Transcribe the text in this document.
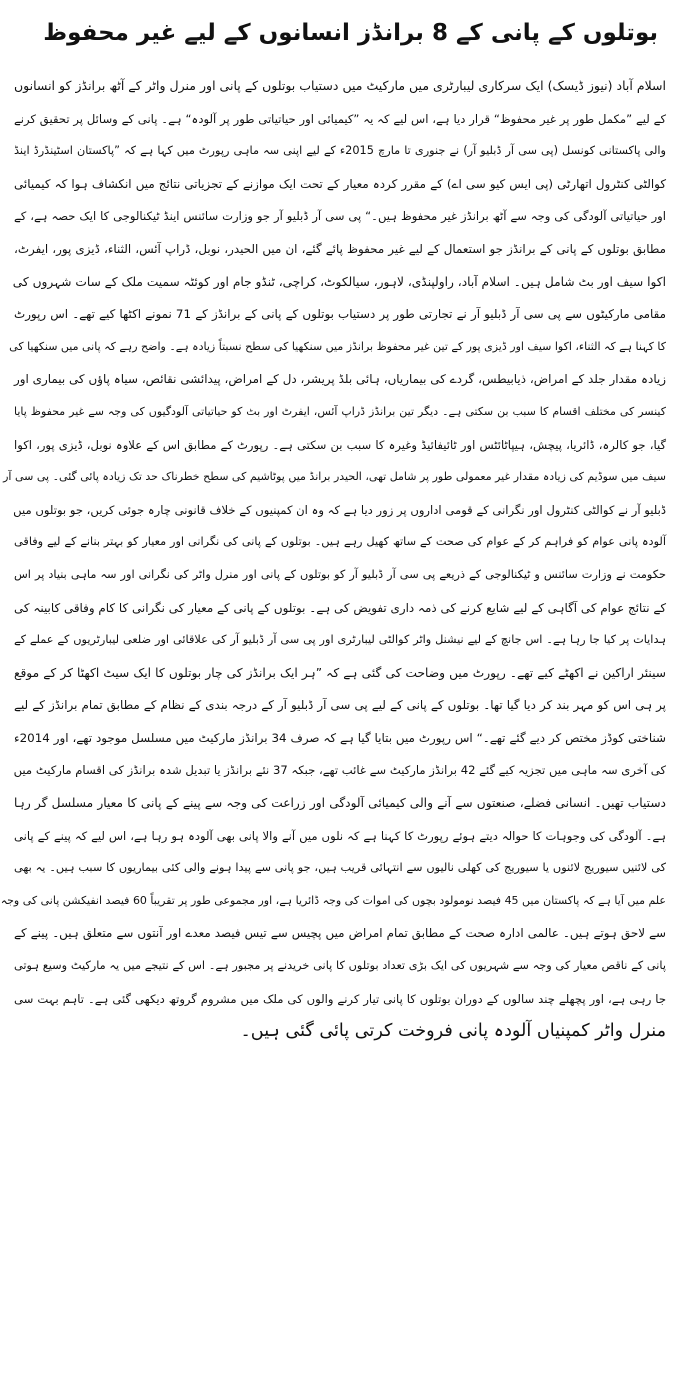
بوتلوں کے پانی کے 8 برانڈز انسانوں کے لیے غیر محفوظ
اسلام آباد (نیوز ڈیسک) ایک سرکاری لیبارٹری میں مارکیٹ میں دستیاب بوتلوں کے پانی اور منرل واٹر کے آٹھ برانڈز کو انسانوں
کے لیے ”مکمل طور پر غیر محفوظ“ قرار دیا ہے، اس لیے کہ یہ ”کیمیائی اور حیاتیاتی طور پر آلودہ“ ہے۔ پانی کے وسائل پر تحقیق کرنے
والی پاکستانی کونسل (پی سی آر ڈبلیو آر) نے جنوری تا مارچ 2015ء کے لیے اپنی سہ ماہی رپورٹ میں کہا ہے کہ ”پاکستان اسٹینڈرڈ اینڈ
کوالٹی کنٹرول اتھارٹی (پی ایس کیو سی اے) کے مقرر کردہ معیار کے تحت ایک موازنے کے تجزیاتی نتائج میں انکشاف ہوا کہ کیمیائی
اور حیاتیاتی آلودگی کی وجہ سے آٹھ برانڈز غیر محفوظ ہیں۔“ پی سی آر ڈبلیو آر جو وزارت سائنس اینڈ ٹیکنالوجی کا ایک حصہ ہے، کے
مطابق بوتلوں کے پانی کے برانڈز جو استعمال کے لیے غیر محفوظ پائے گئے، ان میں الحیدر، نوبل، ڈراپ آئس، الثناء، ڈیزی پور، ایفرٹ،
اکوا سیف اور بٹ شامل ہیں۔ اسلام آباد، راولپنڈی، لاہور، سیالکوٹ، کراچی، ٹنڈو جام اور کوئٹہ سمیت ملک کے سات شہروں کی
مقامی مارکیٹوں سے پی سی آر ڈبلیو آر نے تجارتی طور پر دستیاب بوتلوں کے پانی کے برانڈز کے 71 نمونے اکٹھا کیے تھے۔ اس رپورٹ
کا کہنا ہے کہ الثناء، اکوا سیف اور ڈیزی پور کے تین غیر محفوظ برانڈز میں سنکھیا کی سطح نسبتاً زیادہ ہے۔ واضح رہے کہ پانی میں سنکھیا کی
زیادہ مقدار جلد کے امراض، ذیابیطس، گردے کی بیماریاں، ہائی بلڈ پریشر، دل کے امراض، پیدائشی نقائص، سیاہ پاؤں کی بیماری اور
کینسر کی مختلف اقسام کا سبب بن سکتی ہے۔ دیگر تین برانڈز ڈراپ آئس، ایفرٹ اور بٹ کو حیاتیاتی آلودگیوں کی وجہ سے غیر محفوظ پایا
گیا، جو کالرہ، ڈائریا، پیچش، ہیپاٹائٹس اور ٹائیفائیڈ وغیرہ کا سبب بن سکتی ہے۔ رپورٹ کے مطابق اس کے علاوہ نوبل، ڈیزی پور، اکوا
سیف میں سوڈیم کی زیادہ مقدار غیر معمولی طور پر شامل تھی، الحیدر برانڈ میں پوٹاشیم کی سطح خطرناک حد تک زیادہ پائی گئی۔ پی سی آر
ڈبلیو آر نے کوالٹی کنٹرول اور نگرانی کے قومی اداروں پر زور دیا ہے کہ وہ ان کمپنیوں کے خلاف قانونی چارہ جوئی کریں، جو بوتلوں میں
آلودہ پانی عوام کو فراہم کر کے عوام کی صحت کے ساتھ کھیل رہے ہیں۔ بوتلوں کے پانی کی نگرانی اور معیار کو بہتر بنانے کے لیے وفاقی
حکومت نے وزارت سائنس و ٹیکنالوجی کے ذریعے پی سی آر ڈبلیو آر کو بوتلوں کے پانی اور منرل واٹر کی نگرانی اور سہ ماہی بنیاد پر اس
کے نتائج عوام کی آگاہی کے لیے شایع کرنے کی ذمہ داری تفویض کی ہے۔ بوتلوں کے پانی کے معیار کی نگرانی کا کام وفاقی کابینہ کی
ہدایات پر کیا جا رہا ہے۔ اس جانچ کے لیے نیشنل واٹر کوالٹی لیبارٹری اور پی سی آر ڈبلیو آر کی علاقائی اور ضلعی لیبارٹریوں کے عملے کے
سینئر اراکین نے اکھٹے کیے تھے۔ رپورٹ میں وضاحت کی گئی ہے کہ ”ہر ایک برانڈز کی چار بوتلوں کا ایک سیٹ اکھٹا کر کے موقع
پر ہی اس کو مہر بند کر دیا گیا تھا۔ بوتلوں کے پانی کے لیے پی سی آر ڈبلیو آر کے درجہ بندی کے نظام کے مطابق تمام برانڈز کے لیے
شناختی کوڈز مختص کر دیے گئے تھے۔“ اس رپورٹ میں بتایا گیا ہے کہ صرف 34 برانڈز مارکیٹ میں مسلسل موجود تھے، اور 2014ء
کی آخری سہ ماہی میں تجزیہ کیے گئے 42 برانڈز مارکیٹ سے غائب تھے، جبکہ 37 نئے برانڈز یا تبدیل شدہ برانڈز کی اقسام مارکیٹ میں
دستیاب تھیں۔ انسانی فضلے، صنعتوں سے آنے والی کیمیائی آلودگی اور زراعت کی وجہ سے پینے کے پانی کا معیار مسلسل گر رہا
ہے۔ آلودگی کی وجوہات کا حوالہ دیتے ہوئے رپورٹ کا کہنا ہے کہ نلوں میں آنے والا پانی بھی آلودہ ہو رہا ہے، اس لیے کہ پینے کے پانی
کی لائنیں سیوریج لائنوں یا سیوریج کی کھلی نالیوں سے انتہائی قریب ہیں، جو پانی سے پیدا ہونے والی کئی بیماریوں کا سبب ہیں۔ یہ بھی
علم میں آیا ہے کہ پاکستان میں 45 فیصد نومولود بچوں کی اموات کی وجہ ڈائریا ہے، اور مجموعی طور پر تقریباً 60 فیصد انفیکشن پانی کی وجہ
سے لاحق ہوتے ہیں۔ عالمی ادارہ صحت کے مطابق تمام امراض میں پچیس سے تیس فیصد معدے اور آنتوں سے متعلق ہیں۔ پینے کے
پانی کے ناقص معیار کی وجہ سے شہریوں کی ایک بڑی تعداد بوتلوں کا پانی خریدنے پر مجبور ہے۔ اس کے نتیجے میں یہ مارکیٹ وسیع ہوتی
جا رہی ہے، اور پچھلے چند سالوں کے دوران بوتلوں کا پانی تیار کرنے والوں کی ملک میں مشروم گروتھ دیکھی گئی ہے۔ تاہم بہت سی
منرل واٹر کمپنیاں آلودہ پانی فروخت کرتی پائی گئی ہیں۔
